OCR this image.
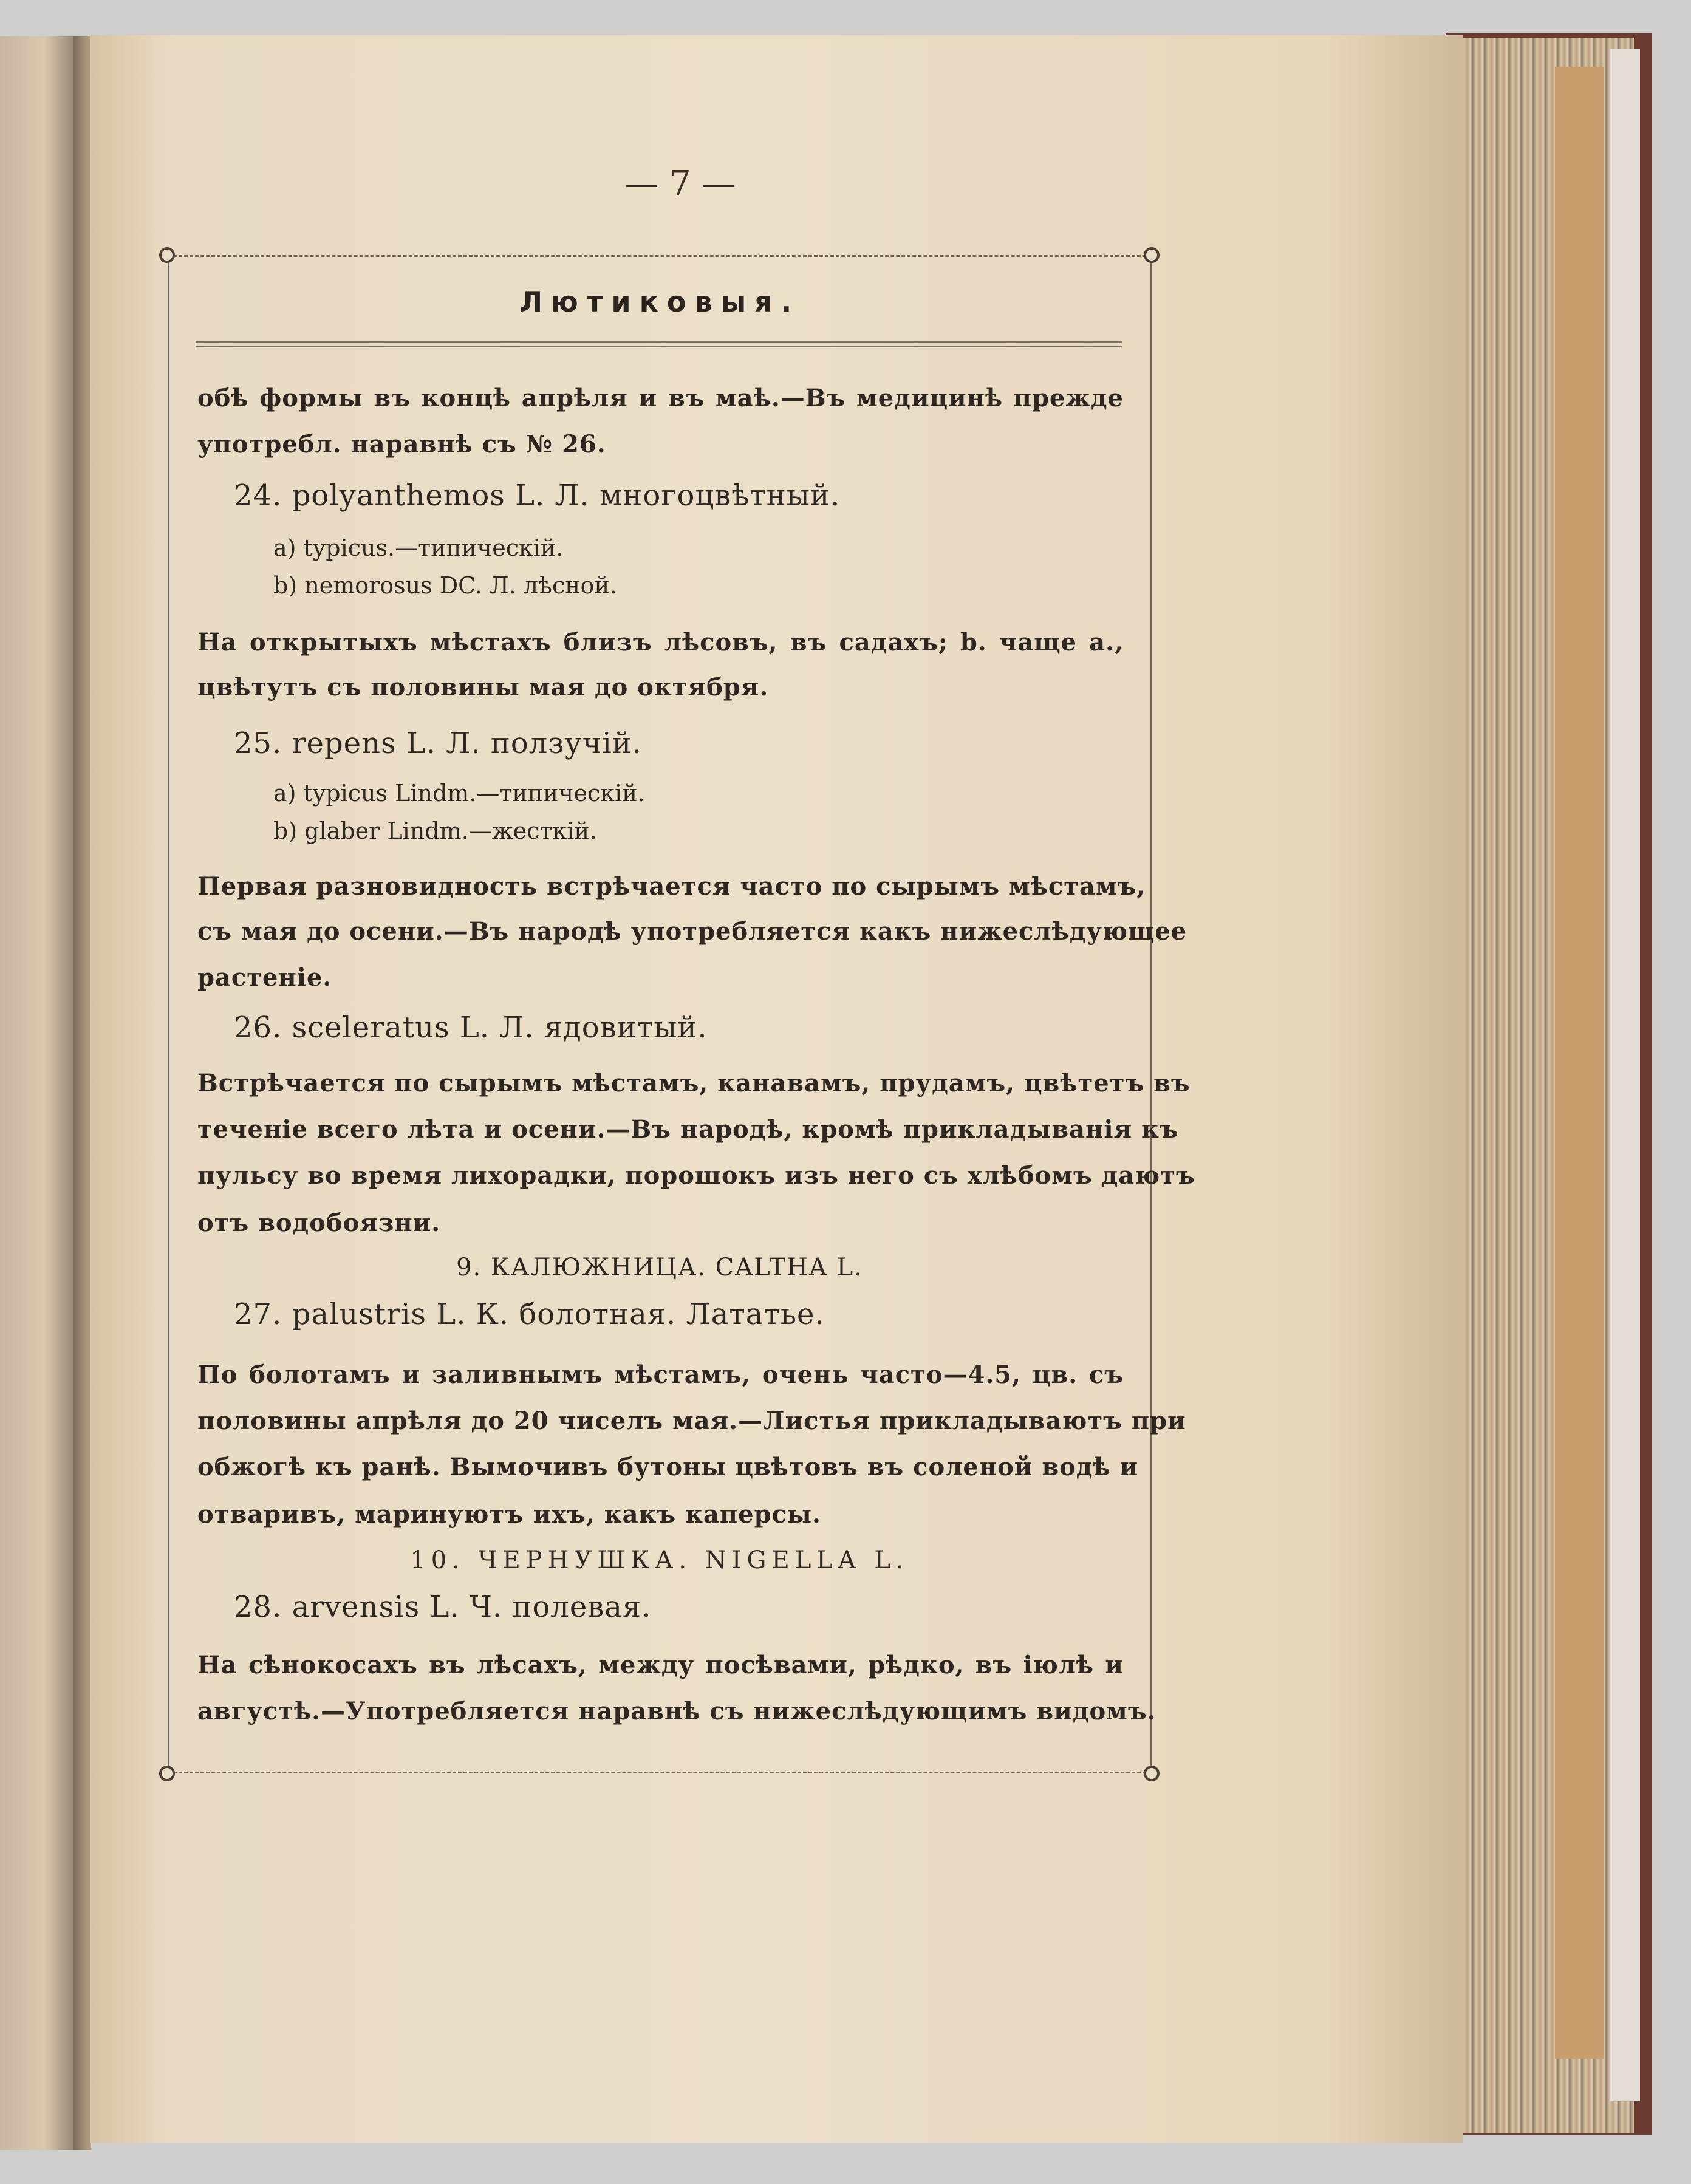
— 7 —
Лютиковыя.
обѣ формы въ концѣ апрѣля и въ маѣ.—Въ медицинѣ прежде
употребл. наравнѣ съ № 26.
24. polyanthemos L. Л. многоцвѣтный.
a) typicus.—типическій.
b) nemorosus DC. Л. лѣсной.
На открытыхъ мѣстахъ близъ лѣсовъ, въ садахъ; b. чаще a.,
цвѣтутъ съ половины мая до октября.
25. repens L. Л. ползучій.
a) typicus Lindm.—типическій.
b) glaber Lindm.—жесткій.
Первая разновидность встрѣчается часто по сырымъ мѣстамъ,
съ мая до осени.—Въ народѣ употребляется какъ нижеслѣдующее
растеніе.
26. sceleratus L. Л. ядовитый.
Встрѣчается по сырымъ мѣстамъ, канавамъ, прудамъ, цвѣтетъ въ
теченіе всего лѣта и осени.—Въ народѣ, кромѣ прикладыванія къ
пульсу во время лихорадки, порошокъ изъ него съ хлѣбомъ даютъ
отъ водобоязни.
9. КАЛЮЖНИЦА. CALTHA L.
27. palustris L. К. болотная. Лататье.
По болотамъ и заливнымъ мѣстамъ, очень часто—4.5, цв. съ
половины апрѣля до 20 чиселъ мая.—Листья прикладываютъ при
обжогѣ къ ранѣ. Вымочивъ бутоны цвѣтовъ въ соленой водѣ и
отваривъ, маринуютъ ихъ, какъ каперсы.
10. ЧЕРНУШКА. NIGELLA L.
28. arvensis L. Ч. полевая.
На сѣнокосахъ въ лѣсахъ, между посѣвами, рѣдко, въ іюлѣ и
августѣ.—Употребляется наравнѣ съ нижеслѣдующимъ видомъ.
